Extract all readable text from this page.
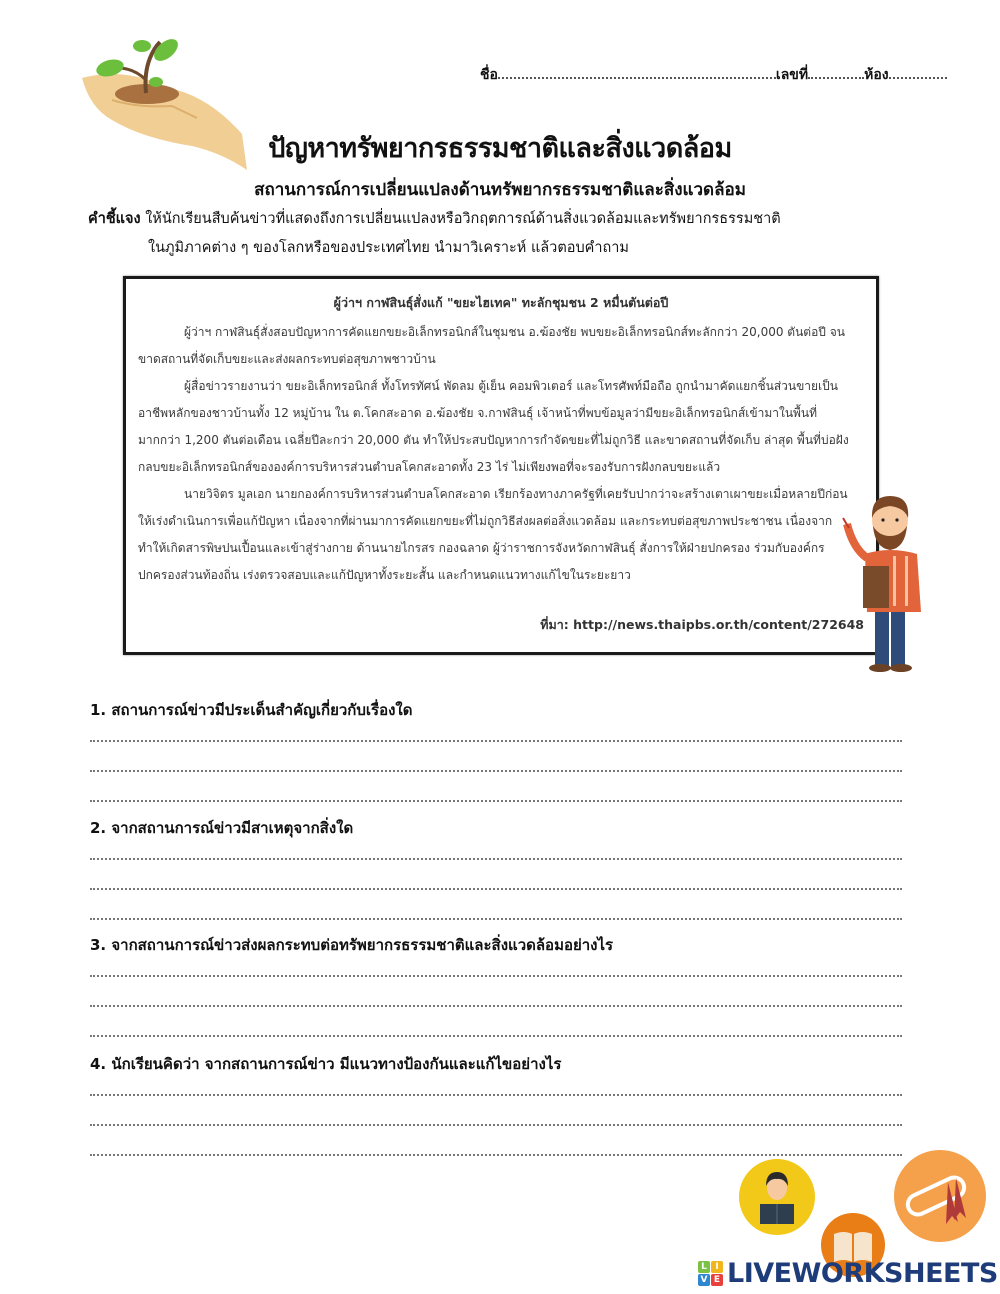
ชื่อ	เลขที่	ห้อง
ปัญหาทรัพยากรธรรมชาติและสิ่งแวดล้อม
สถานการณ์การเปลี่ยนแปลงด้านทรัพยากรธรรมชาติและสิ่งแวดล้อม
คำชี้แจง ให้นักเรียนสืบค้นข่าวที่แสดงถึงการเปลี่ยนแปลงหรือวิกฤตการณ์ด้านสิ่งแวดล้อมและทรัพยากรธรรมชาติ
ในภูมิภาคต่าง ๆ ของโลกหรือของประเทศไทย นำมาวิเคราะห์ แล้วตอบคำถาม
ผู้ว่าฯ กาฬสินธุ์สั่งแก้ "ขยะไฮเทค" ทะลักชุมชน 2 หมื่นตันต่อปี

ผู้ว่าฯ กาฬสินธุ์สั่งสอบปัญหาการคัดแยกขยะอิเล็กทรอนิกส์ในชุมชน อ.ฆ้องชัย พบขยะอิเล็กทรอนิกส์ทะลักกว่า 20,000 ตันต่อปี จนขาดสถานที่จัดเก็บขยะและส่งผลกระทบต่อสุขภาพชาวบ้าน

ผู้สื่อข่าวรายงานว่า ขยะอิเล็กทรอนิกส์ ทั้งโทรทัศน์ พัดลม ตู้เย็น คอมพิวเตอร์ และโทรศัพท์มือถือ ถูกนำมาคัดแยกชิ้นส่วนขายเป็นอาชีพหลักของชาวบ้านทั้ง 12 หมู่บ้าน ใน ต.โคกสะอาด อ.ฆ้องชัย จ.กาฬสินธุ์ เจ้าหน้าที่พบข้อมูลว่ามีขยะอิเล็กทรอนิกส์เข้ามาในพื้นที่มากกว่า 1,200 ตันต่อเดือน เฉลี่ยปีละกว่า 20,000 ตัน ทำให้ประสบปัญหาการกำจัดขยะที่ไม่ถูกวิธี และขาดสถานที่จัดเก็บ ล่าสุด พื้นที่บ่อฝังกลบขยะอิเล็กทรอนิกส์ขององค์การบริหารส่วนตำบลโคกสะอาดทั้ง 23 ไร่ ไม่เพียงพอที่จะรองรับการฝังกลบขยะแล้ว

นายวิจิตร มูลเอก นายกองค์การบริหารส่วนตำบลโคกสะอาด เรียกร้องทางภาครัฐที่เคยรับปากว่าจะสร้างเตาเผาขยะเมื่อหลายปีก่อน ให้เร่งดำเนินการเพื่อแก้ปัญหา เนื่องจากที่ผ่านมาการคัดแยกขยะที่ไม่ถูกวิธีส่งผลต่อสิ่งแวดล้อม และกระทบต่อสุขภาพประชาชน เนื่องจากทำให้เกิดสารพิษปนเปื้อนและเข้าสู่ร่างกาย ด้านนายไกรสร กองฉลาด ผู้ว่าราชการจังหวัดกาฬสินธุ์ สั่งการให้ฝ่ายปกครอง ร่วมกับองค์กรปกครองส่วนท้องถิ่น เร่งตรวจสอบและแก้ปัญหาทั้งระยะสั้น และกำหนดแนวทางแก้ไขในระยะยาว

ที่มา: http://news.thaipbs.or.th/content/272648
1. สถานการณ์ข่าวมีประเด็นสำคัญเกี่ยวกับเรื่องใด
2. จากสถานการณ์ข่าวมีสาเหตุจากสิ่งใด
3. จากสถานการณ์ข่าวส่งผลกระทบต่อทรัพยากรธรรมชาติและสิ่งแวดล้อมอย่างไร
4. นักเรียนคิดว่า จากสถานการณ์ข่าว มีแนวทางป้องกันและแก้ไขอย่างไร
L I
V E LIVEWORKSHEETS
